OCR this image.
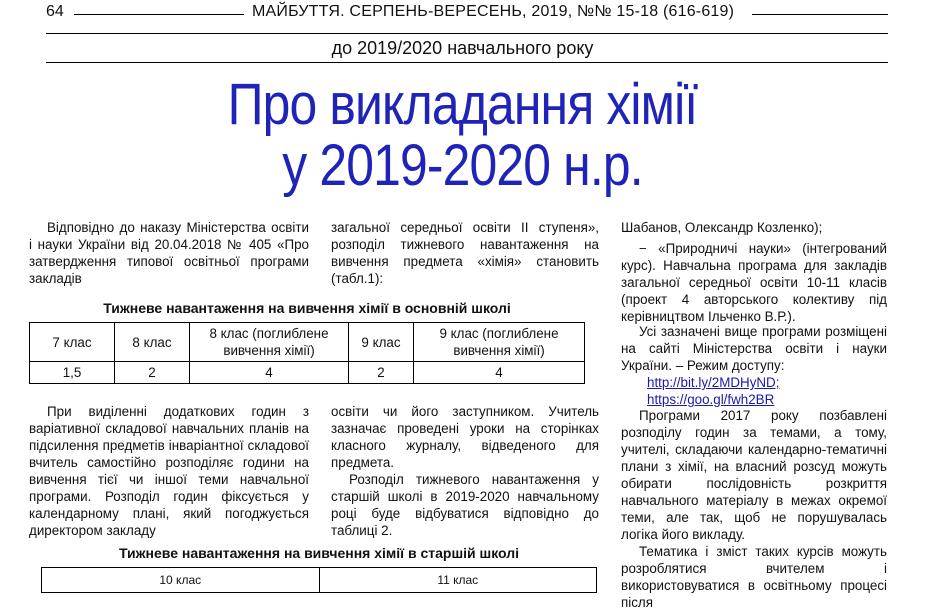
64	МАЙБУТТЯ. СЕРПЕНЬ-ВЕРЕСЕНЬ, 2019, №№ 15-18 (616-619)
до 2019/2020 навчального року
Про викладання хімії
у 2019-2020 н.р.
Відповідно до наказу Міністерства освіти і науки України від 20.04.2018 № 405 «Про затвердження типової освітньої програми закладів
При виділенні додаткових годин з варіативної складової навчальних планів на підсилення предметів інваріантної складової вчитель самостійно розподіляє години на вивчення тієї чи іншої теми навчальної програми. Розподіл годин фіксується у календарному плані, який погоджується директором закладу
загальної середньої освіти ІІ ступеня», розподіл тижневого навантаження на вивчення предмета «хімія» становить (табл.1):
освіти чи його заступником. Учитель зазначає проведені уроки на сторінках класного журналу, відведеного для предмета.
Розподіл тижневого навантаження у старшій школі в 2019-2020 навчальному році буде відбуватися відповідно до таблиці 2.
Шабанов, Олександр Козленко);
− «Природничі науки» (інтегрований курс). Навчальна програма для закладів загальної середньої освіти 10-11 класів (проект 4 авторського колективу під керівництвом Ільченко В.Р.).
Усі зазначені вище програми розміщені на сайті Міністерства освіти і науки України. – Режим доступу:
http://bit.ly/2MDHyND;
https://goo.gl/fwh2BR
Програми 2017 року позбавлені розподілу годин за темами, а тому, учителі, складаючи календарно-тематичні плани з хімії, на власний розсуд можуть обирати послідовність розкриття навчального матеріалу в межах окремої теми, але так, щоб не порушувалась логіка його викладу.
Тематика і зміст таких курсів можуть розроблятися вчителем і використовуватися в освітньому процесі після
Тижневе навантаження на вивчення хімії в основній школі
7 клас	8 клас	8 клас (поглиблене вивчення хімії)	9 клас	9 клас (поглиблене вивчення хімії)
1,5	2	4	2	4
Тижневе навантаження на вивчення хімії в старшій школі
10 клас	11 клас
